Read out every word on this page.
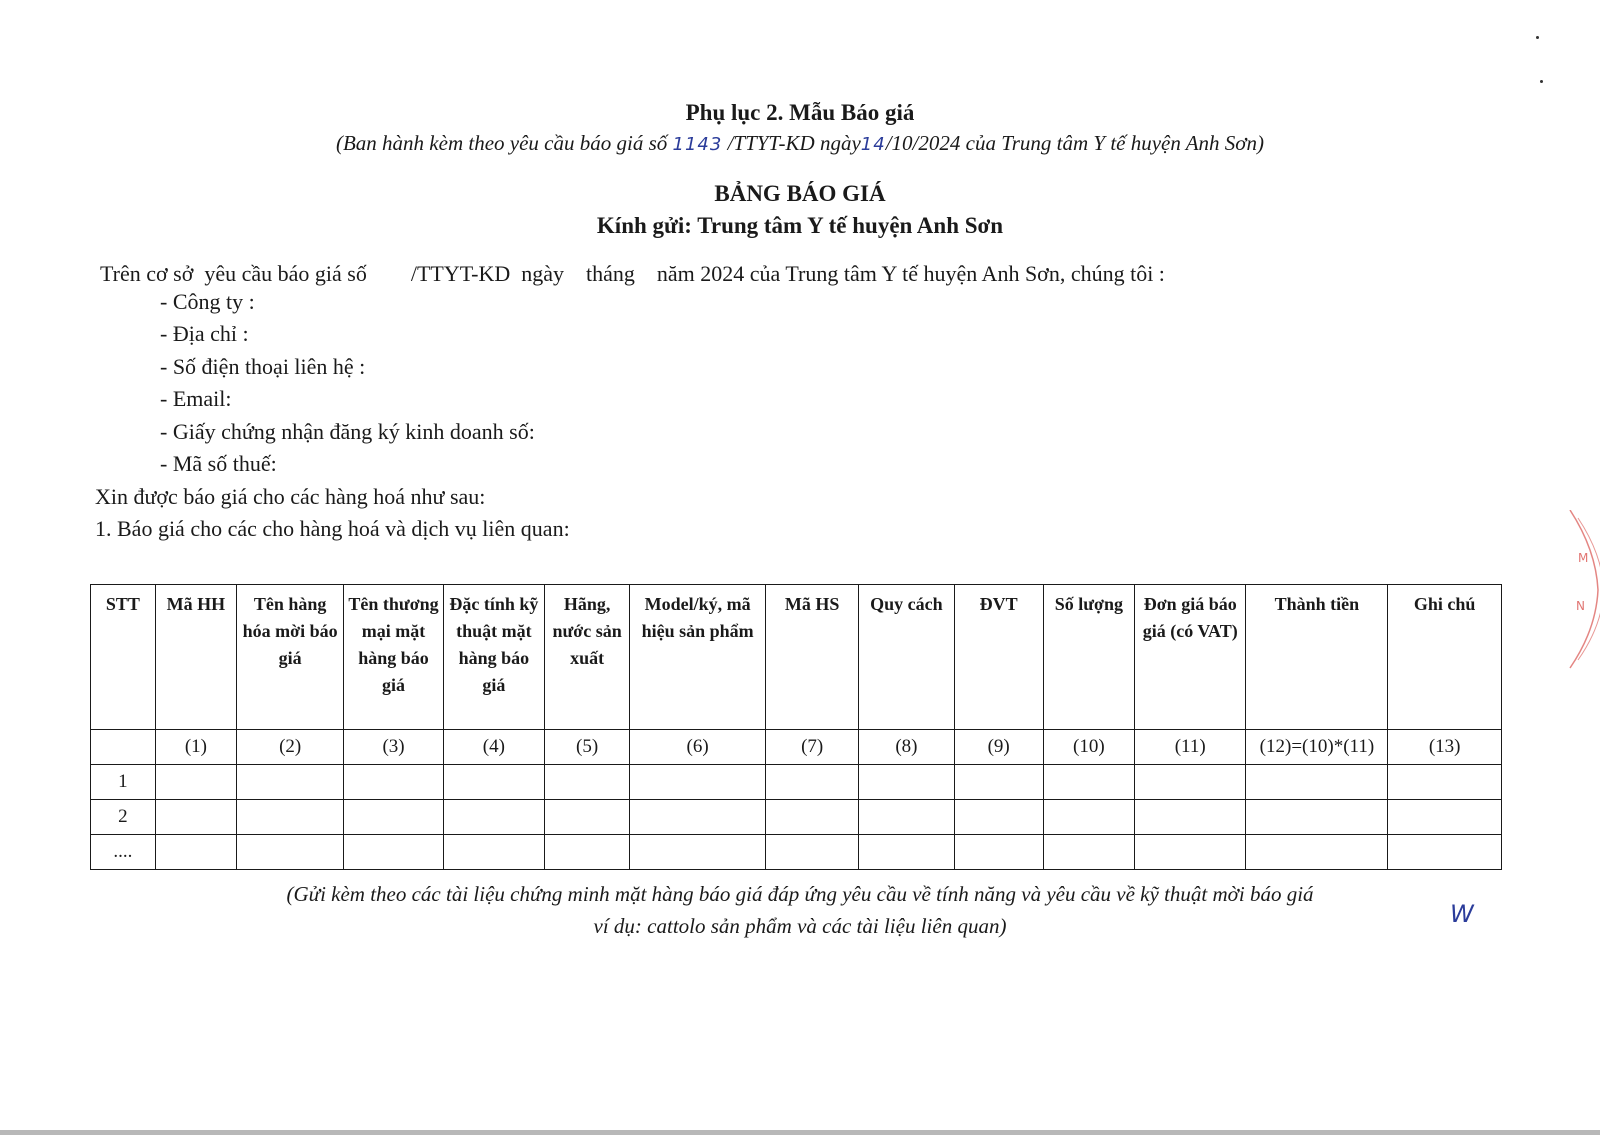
Phụ lục 2. Mẫu Báo giá
(Ban hành kèm theo yêu cầu báo giá số 1143 /TTYT-KD ngày14/10/2024 của Trung tâm Y tế huyện Anh Sơn)
BẢNG BÁO GIÁ
Kính gửi: Trung tâm Y tế huyện Anh Sơn
Trên cơ sở  yêu cầu báo giá số        /TTYT-KD  ngày    tháng    năm 2024 của Trung tâm Y tế huyện Anh Sơn, chúng tôi :
- Công ty :
- Địa chỉ :
- Số điện thoại liên hệ :
- Email:
- Giấy chứng nhận đăng ký kinh doanh số:
- Mã số thuế:
Xin được báo giá cho các hàng hoá như sau:
1. Báo giá cho các cho hàng hoá và dịch vụ liên quan:
STT	Mã HH	Tên hàng hóa mời báo giá	Tên thương mại mặt hàng báo giá	Đặc tính kỹ thuật mặt hàng báo giá	Hãng, nước sản xuất	Model/ký, mã hiệu sản phẩm	Mã HS	Quy cách	ĐVT	Số lượng	Đơn giá báo giá (có VAT)	Thành tiền	Ghi chú
	(1)	(2)	(3)	(4)	(5)	(6)	(7)	(8)	(9)	(10)	(11)	(12)=(10)*(11)	(13)
1													
2													
....													
(Gửi kèm theo các tài liệu chứng minh mặt hàng báo giá đáp ứng yêu cầu về tính năng và yêu cầu về kỹ thuật mời báo giá
ví dụ: cattolo sản phẩm và các tài liệu liên quan)	W
M
N
